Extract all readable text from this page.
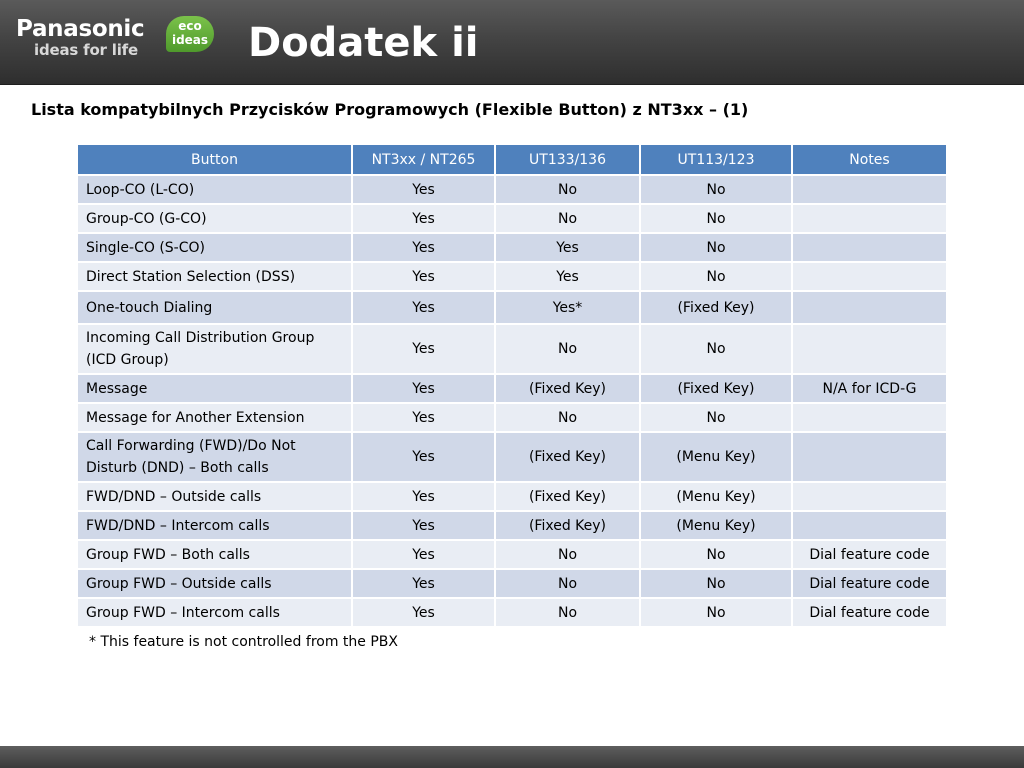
Panasonic
ideas for life
eco
ideas Dodatek ii
Lista kompatybilnych Przycisków Programowych (Flexible Button) z NT3xx – (1)
Button	NT3xx / NT265	UT133/136	UT113/123	Notes
Loop-CO (L-CO)	Yes	No	No	
Group-CO (G-CO)	Yes	No	No	
Single-CO (S-CO)	Yes	Yes	No	
Direct Station Selection (DSS)	Yes	Yes	No	
One-touch Dialing	Yes	Yes*	(Fixed Key)	
Incoming Call Distribution Group
(ICD Group)	Yes	No	No	
Message	Yes	(Fixed Key)	(Fixed Key)	N/A for ICD-G
Message for Another Extension	Yes	No	No	
Call Forwarding (FWD)/Do Not
Disturb (DND) – Both calls	Yes	(Fixed Key)	(Menu Key)	
FWD/DND – Outside calls	Yes	(Fixed Key)	(Menu Key)	
FWD/DND – Intercom calls	Yes	(Fixed Key)	(Menu Key)	
Group FWD – Both calls	Yes	No	No	Dial feature code
Group FWD – Outside calls	Yes	No	No	Dial feature code
Group FWD – Intercom calls	Yes	No	No	Dial feature code
* This feature is not controlled from the PBX
